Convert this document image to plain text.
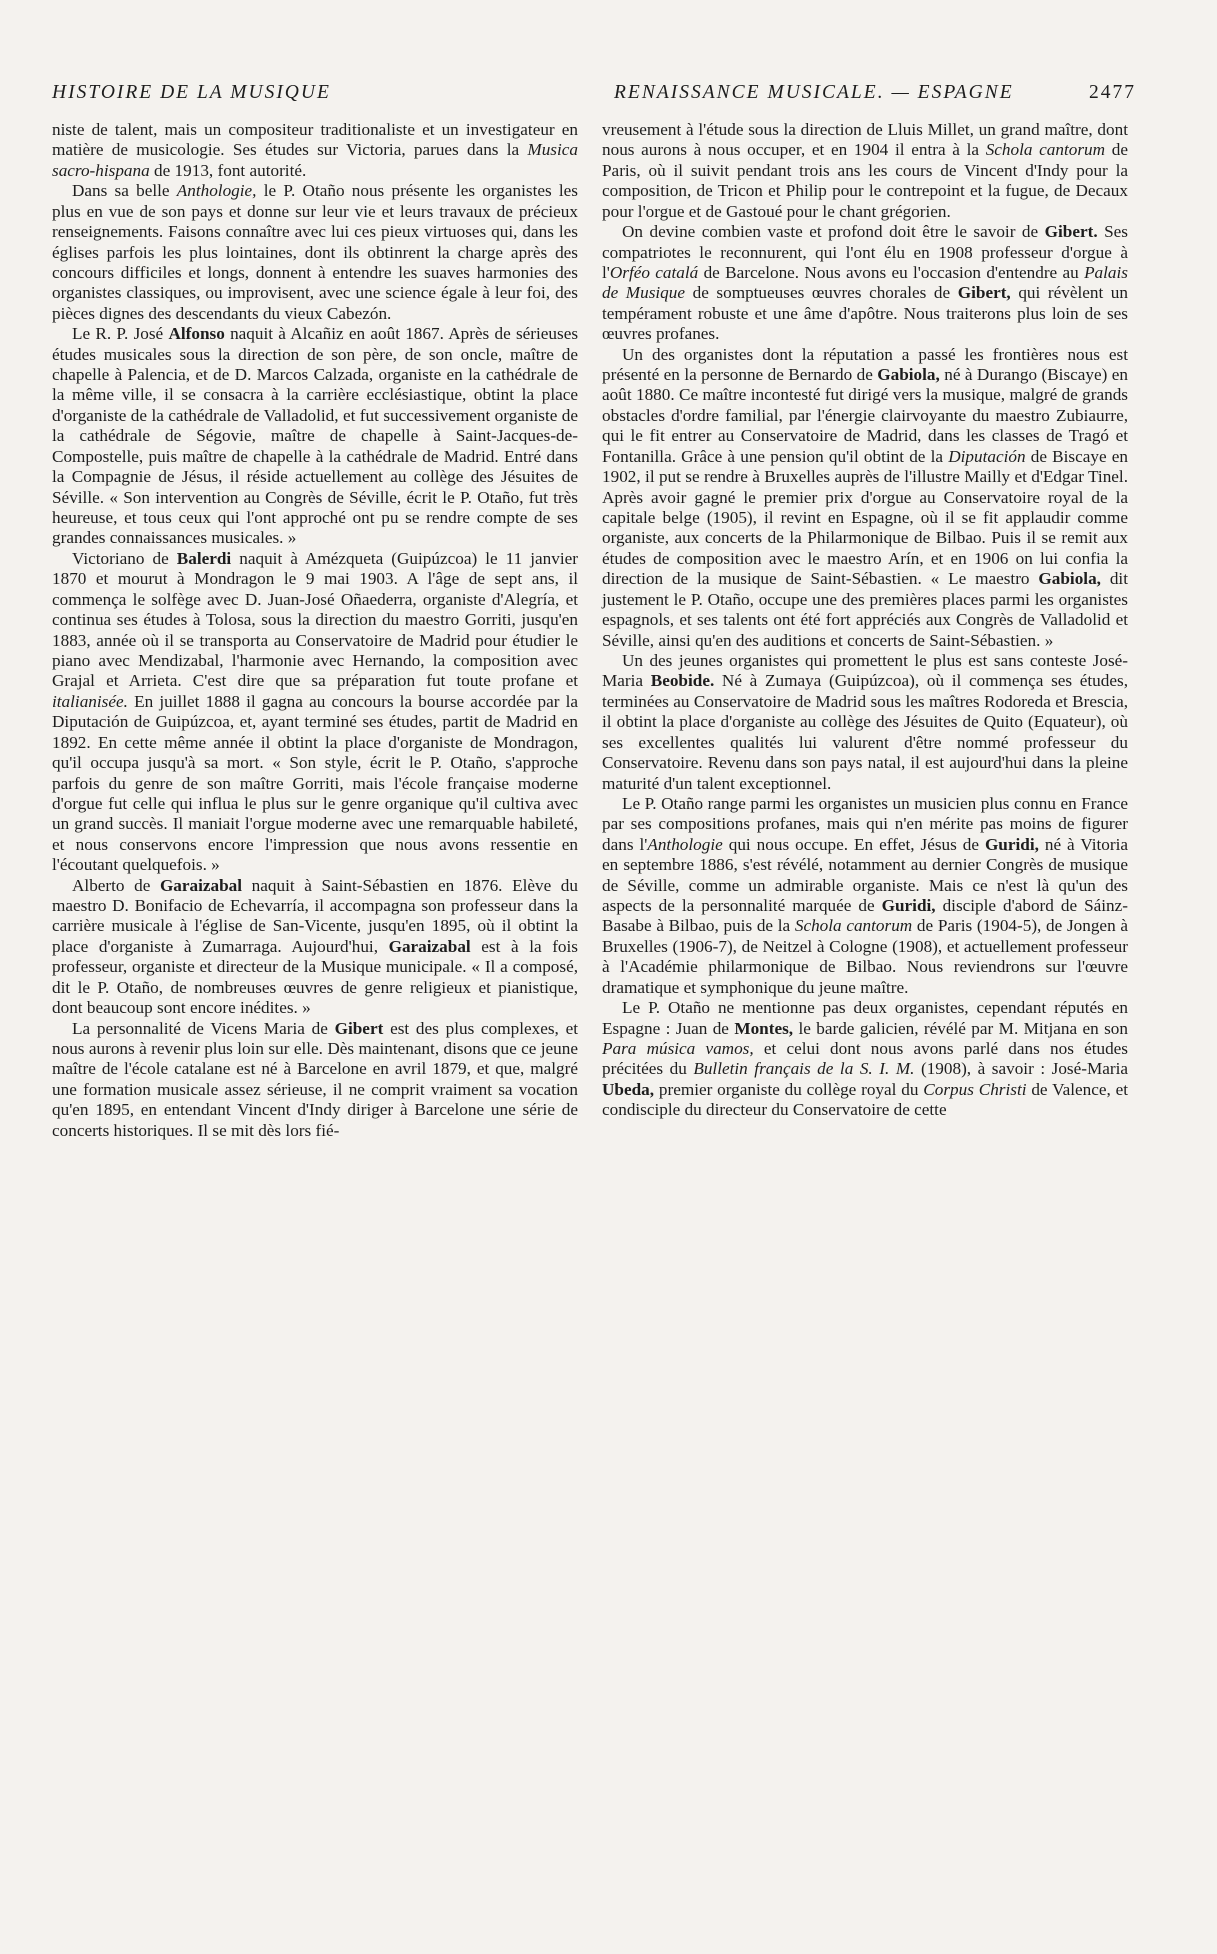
HISTOIRE DE LA MUSIQUE	RENAISSANCE MUSICALE. — ESPAGNE	2477

niste de talent, mais un compositeur traditionaliste et un investigateur en matière de musicologie. Ses études sur Victoria, parues dans la Musica sacro-hispana de 1913, font autorité.

Dans sa belle Anthologie, le P. Otaño nous présente les organistes les plus en vue de son pays et donne sur leur vie et leurs travaux de précieux renseignements. Faisons connaître avec lui ces pieux virtuoses qui, dans les églises parfois les plus lointaines, dont ils obtinrent la charge après des concours difficiles et longs, donnent à entendre les suaves harmonies des organistes classiques, ou improvisent, avec une science égale à leur foi, des pièces dignes des descendants du vieux Cabezón.

Le R. P. José Alfonso naquit à Alcañiz en août 1867. Après de sérieuses études musicales sous la direction de son père, de son oncle, maître de chapelle à Palencia, et de D. Marcos Calzada, organiste en la cathédrale de la même ville, il se consacra à la carrière ecclésiastique, obtint la place d'organiste de la cathédrale de Valladolid, et fut successivement organiste de la cathédrale de Ségovie, maître de chapelle à Saint-Jacques-de-Compostelle, puis maître de chapelle à la cathédrale de Madrid. Entré dans la Compagnie de Jésus, il réside actuellement au collège des Jésuites de Séville. « Son intervention au Congrès de Séville, écrit le P. Otaño, fut très heureuse, et tous ceux qui l'ont approché ont pu se rendre compte de ses grandes connaissances musicales. »

Victoriano de Balerdi naquit à Amézqueta (Guipúzcoa) le 11 janvier 1870 et mourut à Mondragon le 9 mai 1903. A l'âge de sept ans, il commença le solfège avec D. Juan-José Oñaederra, organiste d'Alegría, et continua ses études à Tolosa, sous la direction du maestro Gorriti, jusqu'en 1883, année où il se transporta au Conservatoire de Madrid pour étudier le piano avec Mendizabal, l'harmonie avec Hernando, la composition avec Grajal et Arrieta. C'est dire que sa préparation fut toute profane et italianisée. En juillet 1888 il gagna au concours la bourse accordée par la Diputación de Guipúzcoa, et, ayant terminé ses études, partit de Madrid en 1892. En cette même année il obtint la place d'organiste de Mondragon, qu'il occupa jusqu'à sa mort. « Son style, écrit le P. Otaño, s'approche parfois du genre de son maître Gorriti, mais l'école française moderne d'orgue fut celle qui influa le plus sur le genre organique qu'il cultiva avec un grand succès. Il maniait l'orgue moderne avec une remarquable habileté, et nous conservons encore l'impression que nous avons ressentie en l'écoutant quelquefois. »

Alberto de Garaizabal naquit à Saint-Sébastien en 1876. Elève du maestro D. Bonifacio de Echevarría, il accompagna son professeur dans la carrière musicale à l'église de San-Vicente, jusqu'en 1895, où il obtint la place d'organiste à Zumarraga. Aujourd'hui, Garaizabal est à la fois professeur, organiste et directeur de la Musique municipale. « Il a composé, dit le P. Otaño, de nombreuses œuvres de genre religieux et pianistique, dont beaucoup sont encore inédites. »

La personnalité de Vicens Maria de Gibert est des plus complexes, et nous aurons à revenir plus loin sur elle. Dès maintenant, disons que ce jeune maître de l'école catalane est né à Barcelone en avril 1879, et que, malgré une formation musicale assez sérieuse, il ne comprit vraiment sa vocation qu'en 1895, en entendant Vincent d'Indy diriger à Barcelone une série de concerts historiques. Il se mit dès lors fié-

vreusement à l'étude sous la direction de Lluis Millet, un grand maître, dont nous aurons à nous occuper, et en 1904 il entra à la Schola cantorum de Paris, où il suivit pendant trois ans les cours de Vincent d'Indy pour la composition, de Tricon et Philip pour le contrepoint et la fugue, de Decaux pour l'orgue et de Gastoué pour le chant grégorien.

On devine combien vaste et profond doit être le savoir de Gibert. Ses compatriotes le reconnurent, qui l'ont élu en 1908 professeur d'orgue à l'Orféo catalá de Barcelone. Nous avons eu l'occasion d'entendre au Palais de Musique de somptueuses œuvres chorales de Gibert, qui révèlent un tempérament robuste et une âme d'apôtre. Nous traiterons plus loin de ses œuvres profanes.

Un des organistes dont la réputation a passé les frontières nous est présenté en la personne de Bernardo de Gabiola, né à Durango (Biscaye) en août 1880. Ce maître incontesté fut dirigé vers la musique, malgré de grands obstacles d'ordre familial, par l'énergie clairvoyante du maestro Zubiaurre, qui le fit entrer au Conservatoire de Madrid, dans les classes de Tragó et Fontanilla. Grâce à une pension qu'il obtint de la Diputación de Biscaye en 1902, il put se rendre à Bruxelles auprès de l'illustre Mailly et d'Edgar Tinel. Après avoir gagné le premier prix d'orgue au Conservatoire royal de la capitale belge (1905), il revint en Espagne, où il se fit applaudir comme organiste, aux concerts de la Philarmonique de Bilbao. Puis il se remit aux études de composition avec le maestro Arín, et en 1906 on lui confia la direction de la musique de Saint-Sébastien. « Le maestro Gabiola, dit justement le P. Otaño, occupe une des premières places parmi les organistes espagnols, et ses talents ont été fort appréciés aux Congrès de Valladolid et Séville, ainsi qu'en des auditions et concerts de Saint-Sébastien. »

Un des jeunes organistes qui promettent le plus est sans conteste José-Maria Beobide. Né à Zumaya (Guipúzcoa), où il commença ses études, terminées au Conservatoire de Madrid sous les maîtres Rodoreda et Brescia, il obtint la place d'organiste au collège des Jésuites de Quito (Equateur), où ses excellentes qualités lui valurent d'être nommé professeur du Conservatoire. Revenu dans son pays natal, il est aujourd'hui dans la pleine maturité d'un talent exceptionnel.

Le P. Otaño range parmi les organistes un musicien plus connu en France par ses compositions profanes, mais qui n'en mérite pas moins de figurer dans l'Anthologie qui nous occupe. En effet, Jésus de Guridi, né à Vitoria en septembre 1886, s'est révélé, notamment au dernier Congrès de musique de Séville, comme un admirable organiste. Mais ce n'est là qu'un des aspects de la personnalité marquée de Guridi, disciple d'abord de Sáinz-Basabe à Bilbao, puis de la Schola cantorum de Paris (1904-5), de Jongen à Bruxelles (1906-7), de Neitzel à Cologne (1908), et actuellement professeur à l'Académie philarmonique de Bilbao. Nous reviendrons sur l'œuvre dramatique et symphonique du jeune maître.

Le P. Otaño ne mentionne pas deux organistes, cependant réputés en Espagne : Juan de Montes, le barde galicien, révélé par M. Mitjana en son Para música vamos, et celui dont nous avons parlé dans nos études précitées du Bulletin français de la S. I. M. (1908), à savoir : José-Maria Ubeda, premier organiste du collège royal du Corpus Christi de Valence, et condisciple du directeur du Conservatoire de cette
